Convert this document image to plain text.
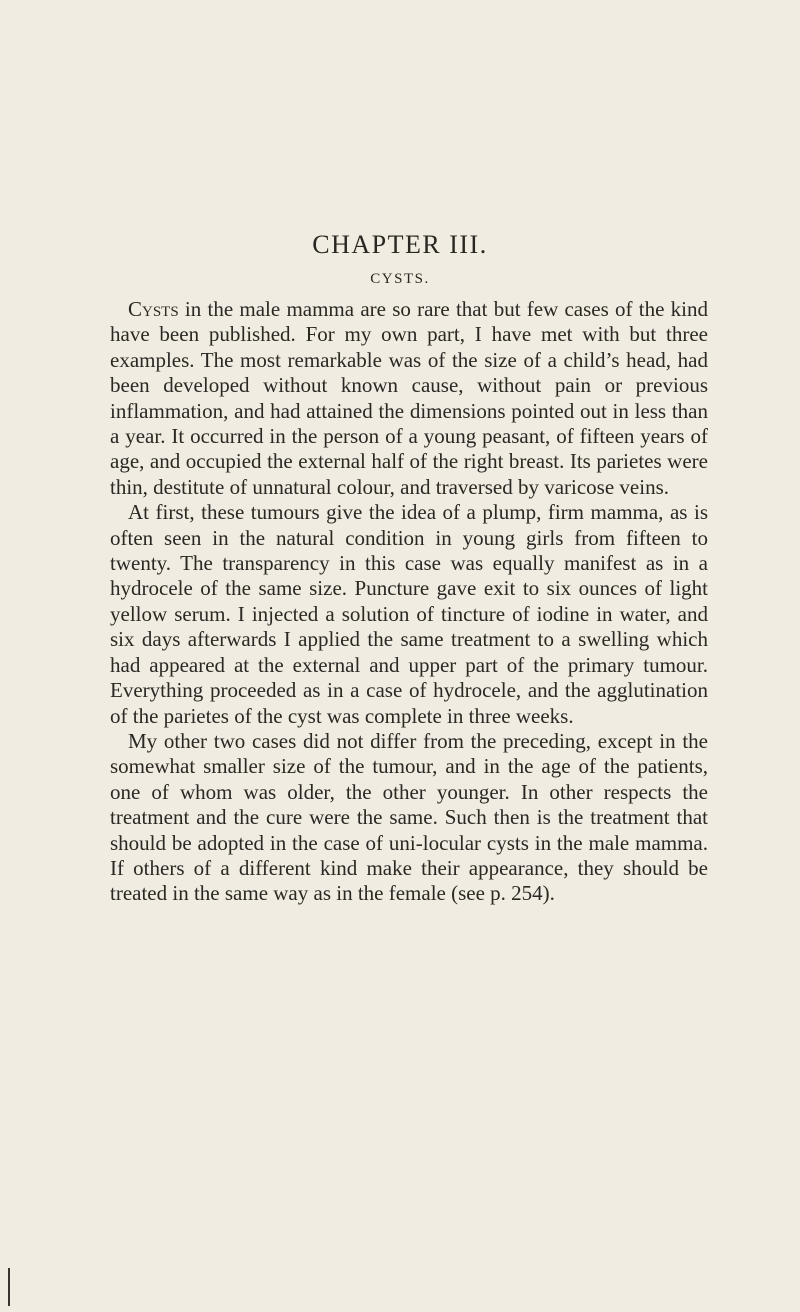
CHAPTER III.
CYSTS.

Cysts in the male mamma are so rare that but few cases of the kind have been published. For my own part, I have met with but three examples. The most remarkable was of the size of a child’s head, had been developed without known cause, without pain or previous inflammation, and had attained the dimensions pointed out in less than a year. It occurred in the person of a young peasant, of fifteen years of age, and occupied the external half of the right breast. Its parietes were thin, destitute of unnatural colour, and traversed by varicose veins.

At first, these tumours give the idea of a plump, firm mamma, as is often seen in the natural condition in young girls from fifteen to twenty. The transparency in this case was equally manifest as in a hydrocele of the same size. Puncture gave exit to six ounces of light yellow serum. I injected a solution of tincture of iodine in water, and six days afterwards I applied the same treatment to a swelling which had appeared at the external and upper part of the primary tumour. Everything proceeded as in a case of hydrocele, and the agglutination of the parietes of the cyst was complete in three weeks.

My other two cases did not differ from the preceding, except in the somewhat smaller size of the tumour, and in the age of the patients, one of whom was older, the other younger. In other respects the treatment and the cure were the same. Such then is the treatment that should be adopted in the case of uni-locular cysts in the male mamma. If others of a different kind make their appearance, they should be treated in the same way as in the female (see p. 254).
